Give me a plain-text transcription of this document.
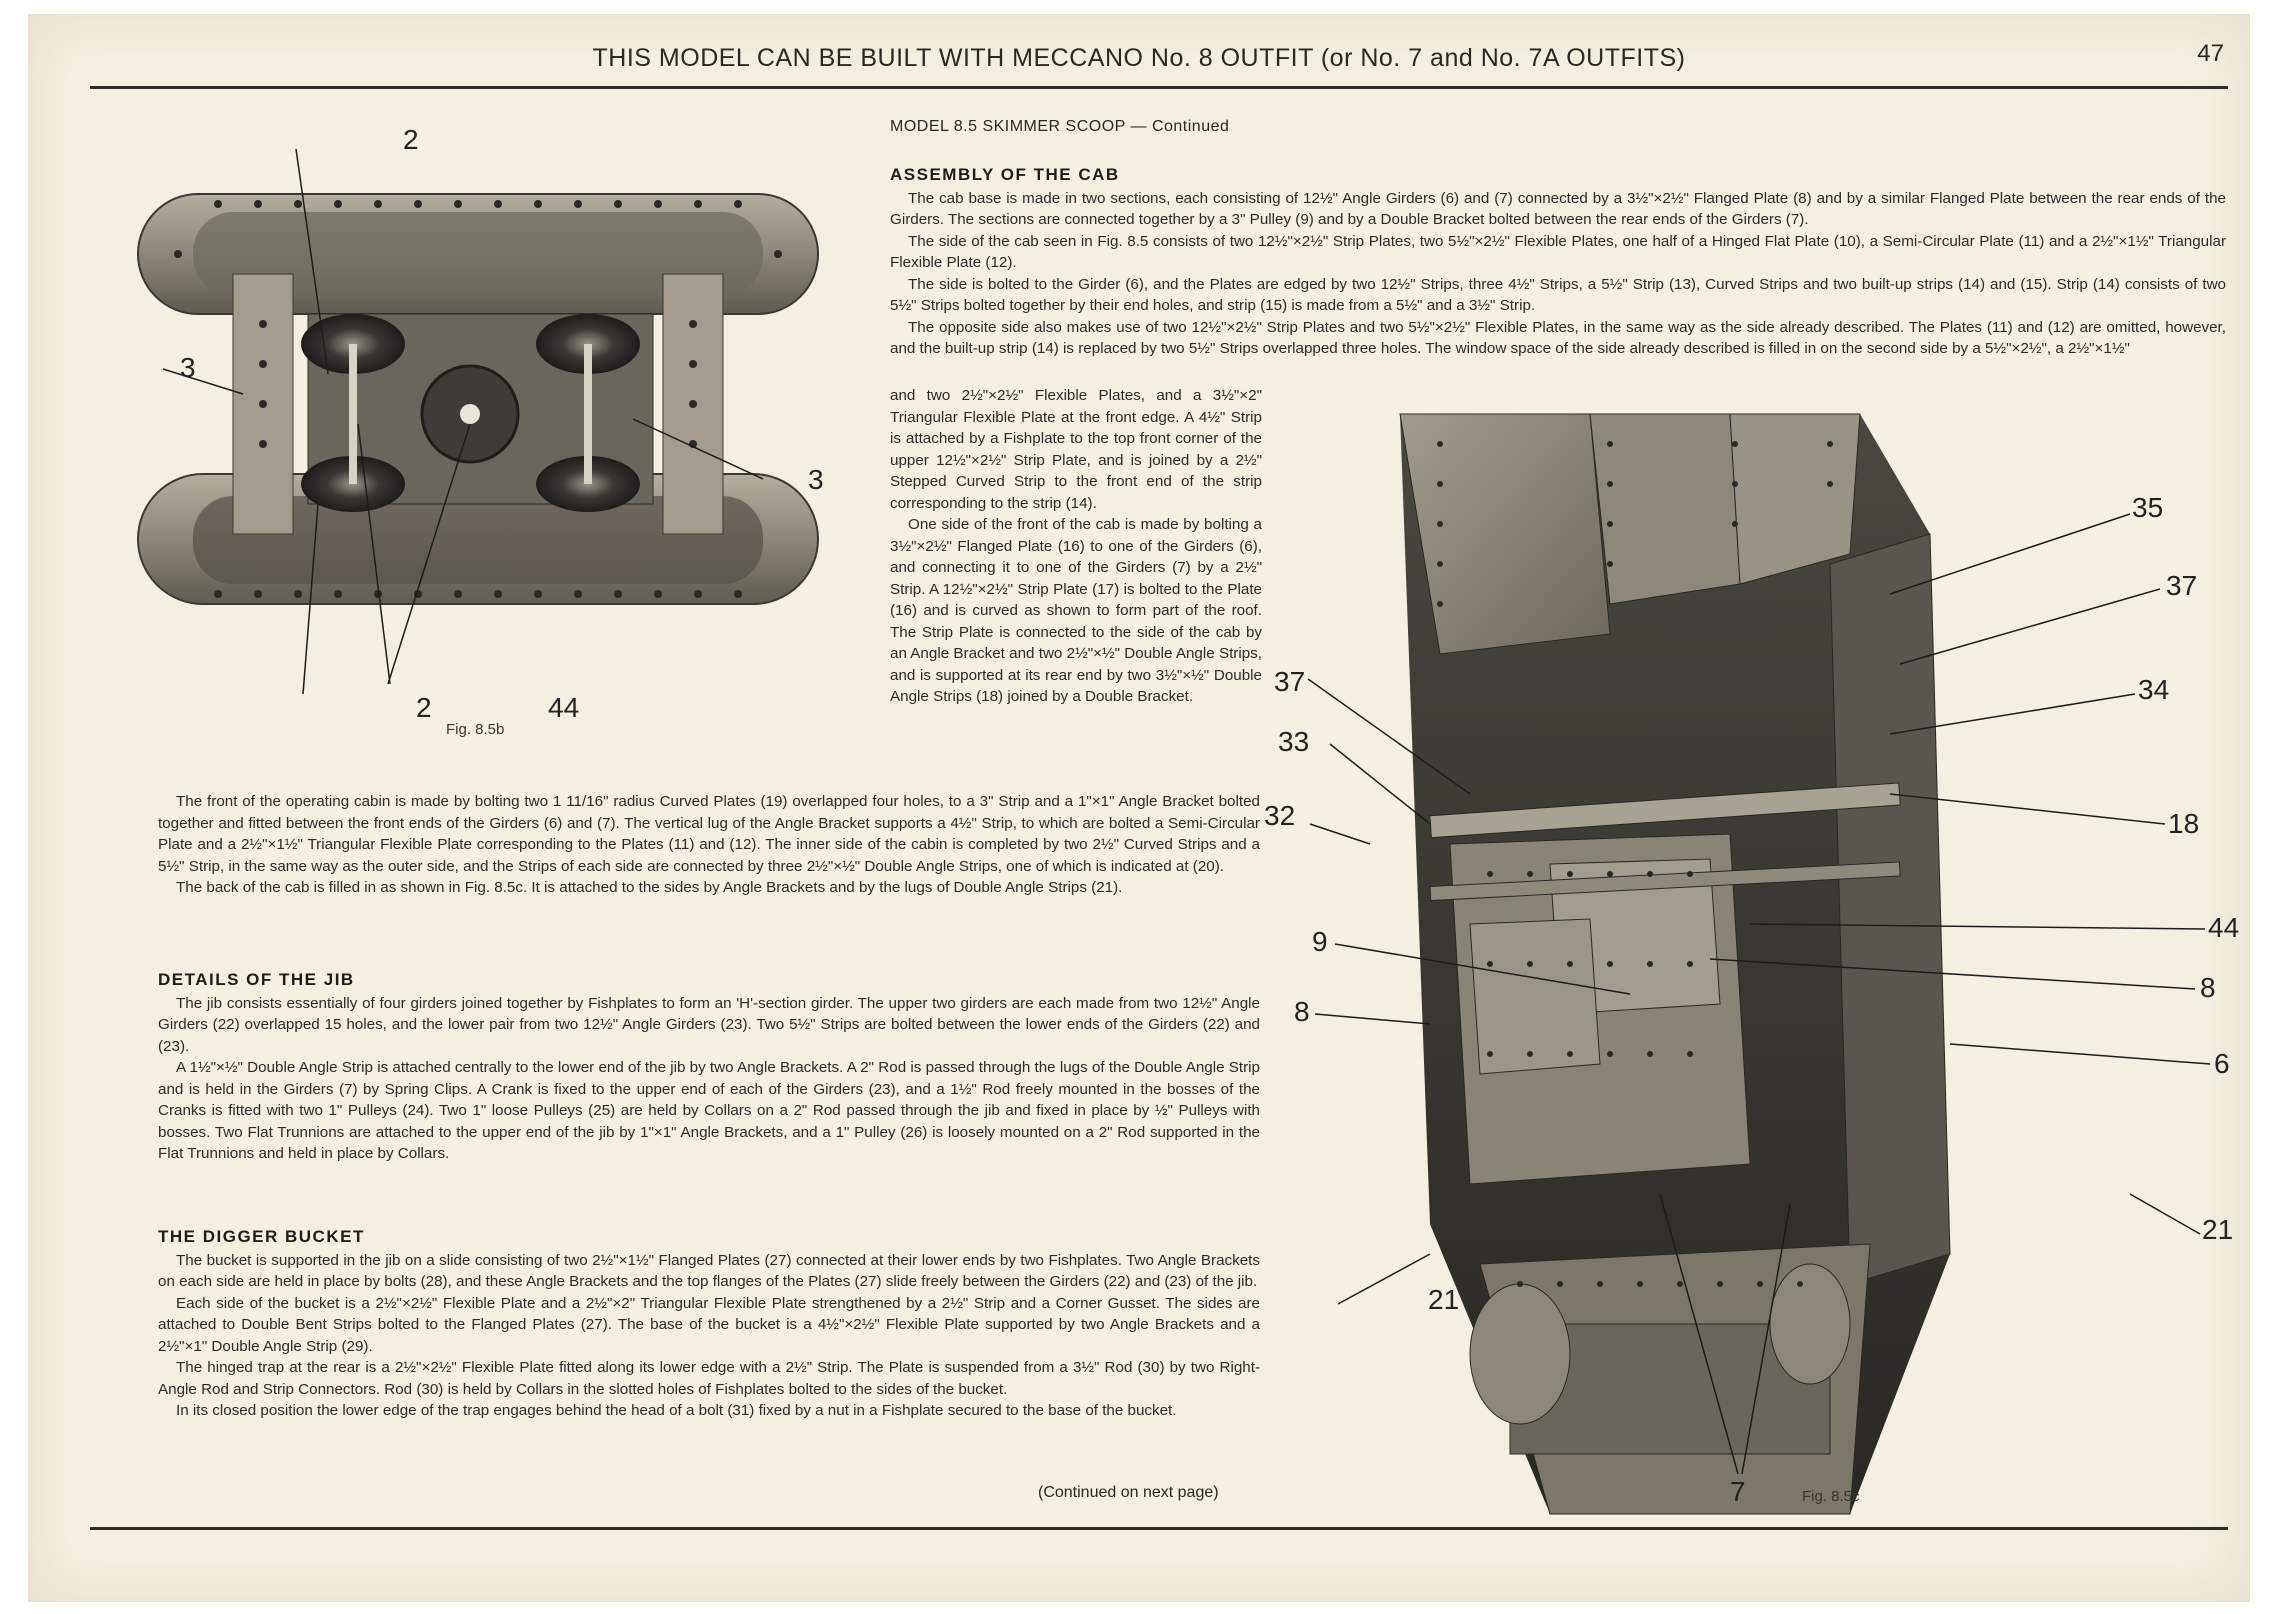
THIS MODEL CAN BE BUILT WITH MECCANO No. 8 OUTFIT (or No. 7 and No. 7A OUTFITS)	47
2
3
3
2	44
Fig. 8.5b
MODEL 8.5 SKIMMER SCOOP — Continued
ASSEMBLY OF THE CAB

The cab base is made in two sections, each consisting of 12½" Angle Girders (6) and (7) connected by a 3½"×2½" Flanged Plate (8) and by a similar Flanged Plate between the rear ends of the Girders. The sections are connected together by a 3" Pulley (9) and by a Double Bracket bolted between the rear ends of the Girders (7).

The side of the cab seen in Fig. 8.5 consists of two 12½"×2½" Strip Plates, two 5½"×2½" Flexible Plates, one half of a Hinged Flat Plate (10), a Semi-Circular Plate (11) and a 2½"×1½" Triangular Flexible Plate (12).

The side is bolted to the Girder (6), and the Plates are edged by two 12½" Strips, three 4½" Strips, a 5½" Strip (13), Curved Strips and two built-up strips (14) and (15). Strip (14) consists of two 5½" Strips bolted together by their end holes, and strip (15) is made from a 5½" and a 3½" Strip.

The opposite side also makes use of two 12½"×2½" Strip Plates and two 5½"×2½" Flexible Plates, in the same way as the side already described. The Plates (11) and (12) are omitted, however, and the built-up strip (14) is replaced by two 5½" Strips overlapped three holes. The window space of the side already described is filled in on the second side by a 5½"×2½", a 2½"×1½"

and two 2½"×2½" Flexible Plates, and a 3½"×2" Triangular Flexible Plate at the front edge. A 4½" Strip is attached by a Fishplate to the top front corner of the upper 12½"×2½" Strip Plate, and is joined by a 2½" Stepped Curved Strip to the front end of the strip corresponding to the strip (14).

One side of the front of the cab is made by bolting a 3½"×2½" Flanged Plate (16) to one of the Girders (6), and connecting it to one of the Girders (7) by a 2½" Strip. A 12½"×2½" Strip Plate (17) is bolted to the Plate (16) and is curved as shown to form part of the roof. The Strip Plate is connected to the side of the cab by an Angle Bracket and two 2½"×½" Double Angle Strips, and is supported at its rear end by two 3½"×½" Double Angle Strips (18) joined by a Double Bracket.

The front of the operating cabin is made by bolting two 1 11/16" radius Curved Plates (19) overlapped four holes, to a 3" Strip and a 1"×1" Angle Bracket bolted together and fitted between the front ends of the Girders (6) and (7). The vertical lug of the Angle Bracket supports a 4½" Strip, to which are bolted a Semi-Circular Plate and a 2½"×1½" Triangular Flexible Plate corresponding to the Plates (11) and (12). The inner side of the cabin is completed by two 2½" Curved Strips and a 5½" Strip, in the same way as the outer side, and the Strips of each side are connected by three 2½"×½" Double Angle Strips, one of which is indicated at (20).

The back of the cab is filled in as shown in Fig. 8.5c. It is attached to the sides by Angle Brackets and by the lugs of Double Angle Strips (21).

DETAILS OF THE JIB

The jib consists essentially of four girders joined together by Fishplates to form an 'H'-section girder. The upper two girders are each made from two 12½" Angle Girders (22) overlapped 15 holes, and the lower pair from two 12½" Angle Girders (23). Two 5½" Strips are bolted between the lower ends of the Girders (22) and (23).

A 1½"×½" Double Angle Strip is attached centrally to the lower end of the jib by two Angle Brackets. A 2" Rod is passed through the lugs of the Double Angle Strip and is held in the Girders (7) by Spring Clips. A Crank is fixed to the upper end of each of the Girders (23), and a 1½" Rod freely mounted in the bosses of the Cranks is fitted with two 1" Pulleys (24). Two 1" loose Pulleys (25) are held by Collars on a 2" Rod passed through the jib and fixed in place by ½" Pulleys with bosses. Two Flat Trunnions are attached to the upper end of the jib by 1"×1" Angle Brackets, and a 1" Pulley (26) is loosely mounted on a 2" Rod supported in the Flat Trunnions and held in place by Collars.

THE DIGGER BUCKET

The bucket is supported in the jib on a slide consisting of two 2½"×1½" Flanged Plates (27) connected at their lower ends by two Fishplates. Two Angle Brackets on each side are held in place by bolts (28), and these Angle Brackets and the top flanges of the Plates (27) slide freely between the Girders (22) and (23) of the jib.

Each side of the bucket is a 2½"×2½" Flexible Plate and a 2½"×2" Triangular Flexible Plate strengthened by a 2½" Strip and a Corner Gusset. The sides are attached to Double Bent Strips bolted to the Flanged Plates (27). The base of the bucket is a 4½"×2½" Flexible Plate supported by two Angle Brackets and a 2½"×1" Double Angle Strip (29).

The hinged trap at the rear is a 2½"×2½" Flexible Plate fitted along its lower edge with a 2½" Strip. The Plate is suspended from a 3½" Rod (30) by two Right-Angle Rod and Strip Connectors. Rod (30) is held by Collars in the slotted holes of Fishplates bolted to the sides of the bucket.

In its closed position the lower edge of the trap engages behind the head of a bolt (31) fixed by a nut in a Fishplate secured to the base of the bucket.

(Continued on next page)
35
37
37	34
33
32	18
44
9
8
8
6
21
21
7	Fig. 8.5c
